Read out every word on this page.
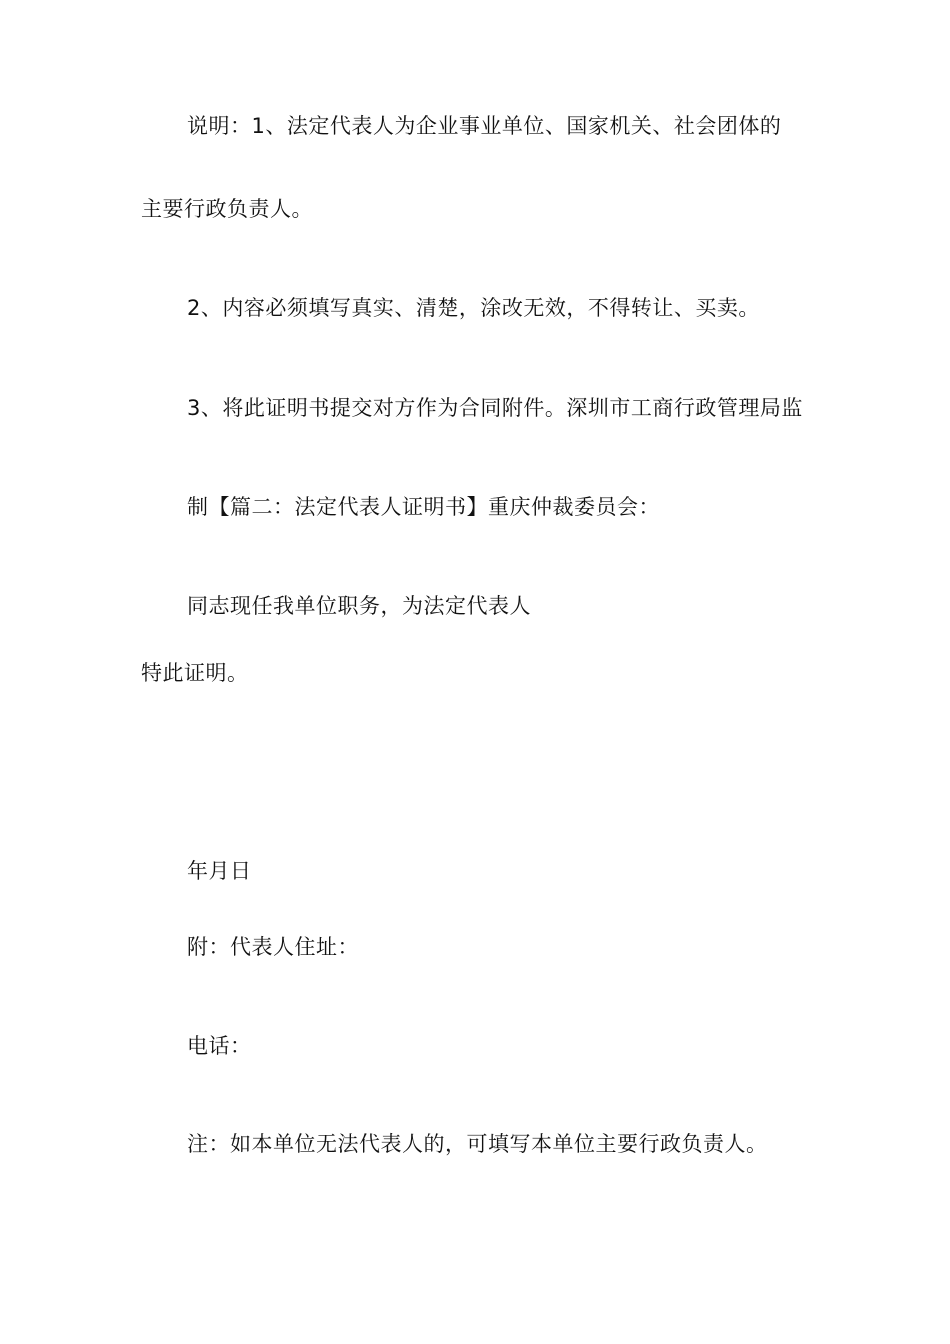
说明：1、法定代表人为企业事业单位、国家机关、社会团体的
主要行政负责人。
2、内容必须填写真实、清楚，涂改无效，不得转让、买卖。
3、将此证明书提交对方作为合同附件。深圳市工商行政管理局监
制【篇二：法定代表人证明书】重庆仲裁委员会：
同志现任我单位职务，为法定代表人
特此证明。
年月日
附：代表人住址：
电话：
注：如本单位无法代表人的，可填写本单位主要行政负责人。
